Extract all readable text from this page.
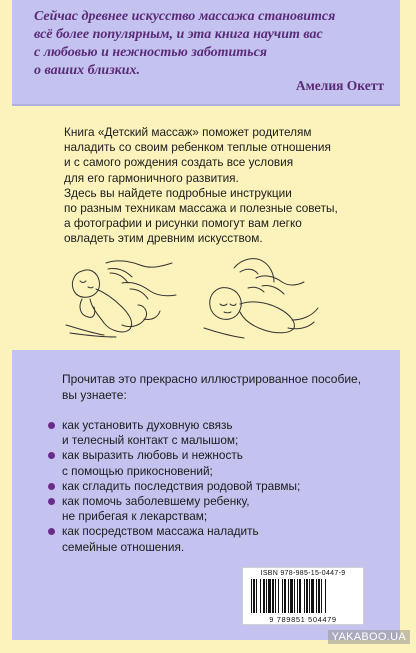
Сейчас древнее искусство массажа становится
всё более популярным, и эта книга научит вас
с любовью и нежностью заботиться
о ваших близких.

Амелия Окетт
Книга «Детский массаж» поможет родителям
наладить со своим ребенком теплые отношения
и с самого рождения создать все условия
для его гармоничного развития.
Здесь вы найдете подробные инструкции
по разным техникам массажа и полезные советы,
а фотографии и рисунки помогут вам легко
овладеть этим древним искусством.
Прочитав это прекрасно иллюстрированное пособие,
вы узнаете:
как установить духовную связь
и телесный контакт с малышом;
как выразить любовь и нежность
с помощью прикосновений;
как сгладить последствия родовой травмы;
как помочь заболевшему ребенку,
не прибегая к лекарствам;
как посредством массажа наладить
семейные отношения.
ISBN 978-985-15-0447-9
9 789851 504479
YAKABOO.UA
